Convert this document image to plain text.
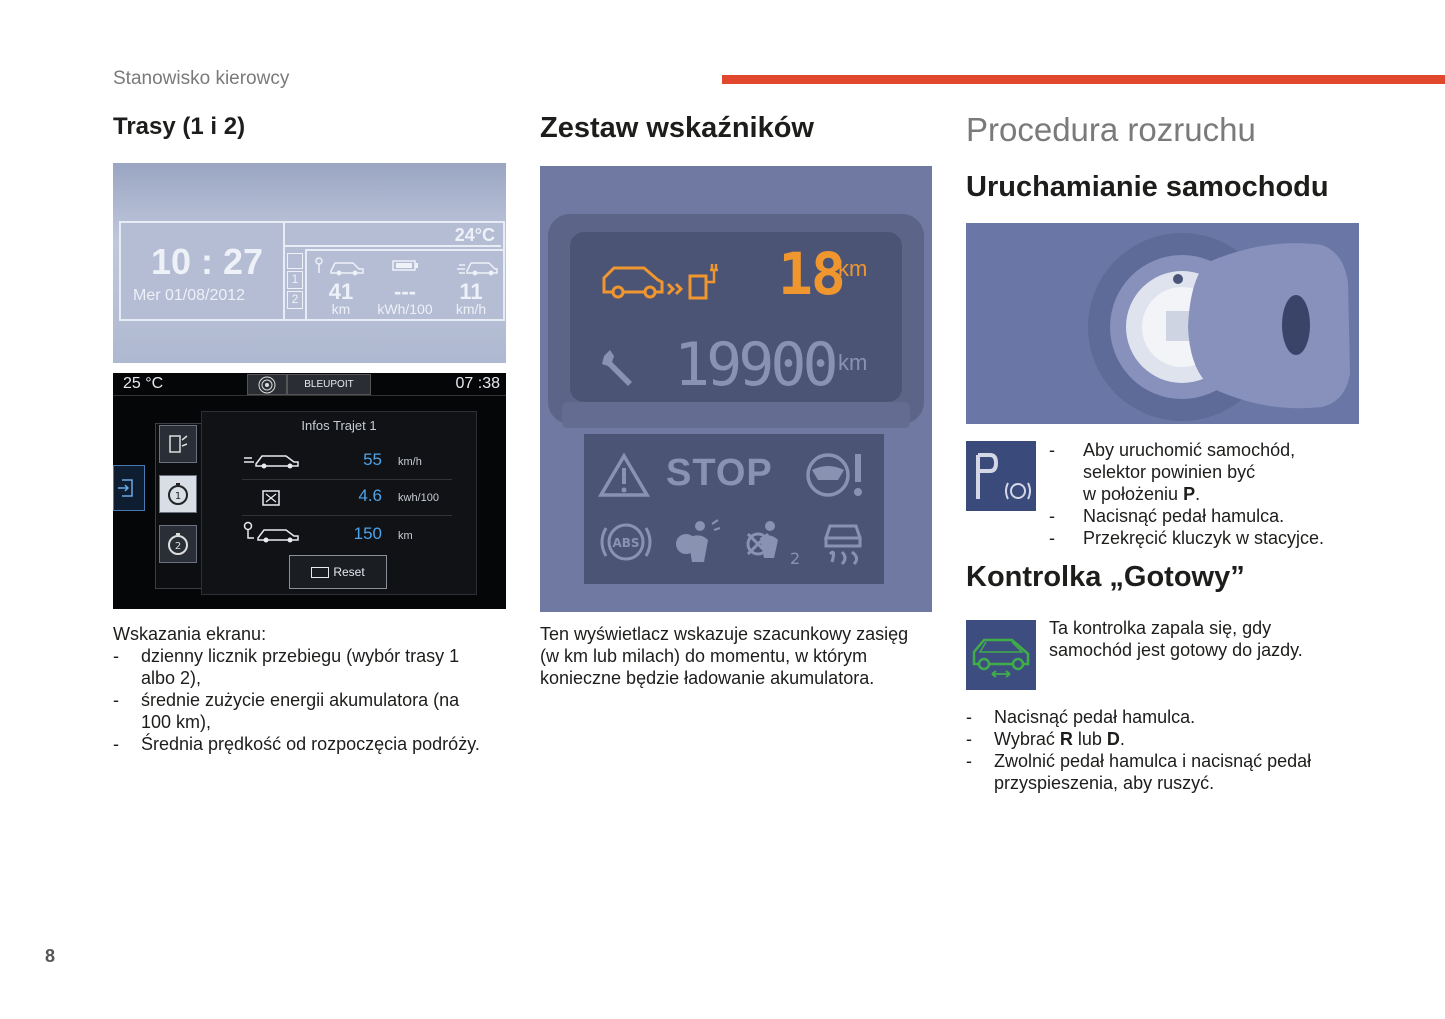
Stanowisko kierowcy
Trasy (1 i 2)
10 : 27
Mer 01/08/2012
24°C
1
2	41
km
---
kWh/100
11
km/h
25 °C	BLEUPOIT	07 :38
1
2
Infos Trajet 1
55 km/h
4.6 kwh/100
150 km
Reset
Wskazania ekranu:
- dzienny licznik przebiegu (wybór trasy 1
albo 2),
- średnie zużycie energii akumulatora (na
100 km),
- Średnia prędkość od rozpoczęcia podróży.
Zestaw wskaźników
18
km
19900 km
STOP
ABS
2
Ten wyświetlacz wskazuje szacunkowy zasięg
(w km lub milach) do momentu, w którym
konieczne będzie ładowanie akumulatora.
Procedura rozruchu
Uruchamianie samochodu
- Aby uruchomić samochód,
selektor powinien być
w położeniu P.
- Nacisnąć pedał hamulca.
- Przekręcić kluczyk w stacyjce.
Kontrolka „Gotowy”
Ta kontrolka zapala się, gdy
samochód jest gotowy do jazdy.
- Nacisnąć pedał hamulca.
- Wybrać R lub D.
- Zwolnić pedał hamulca i nacisnąć pedał
przyspieszenia, aby ruszyć.
8
